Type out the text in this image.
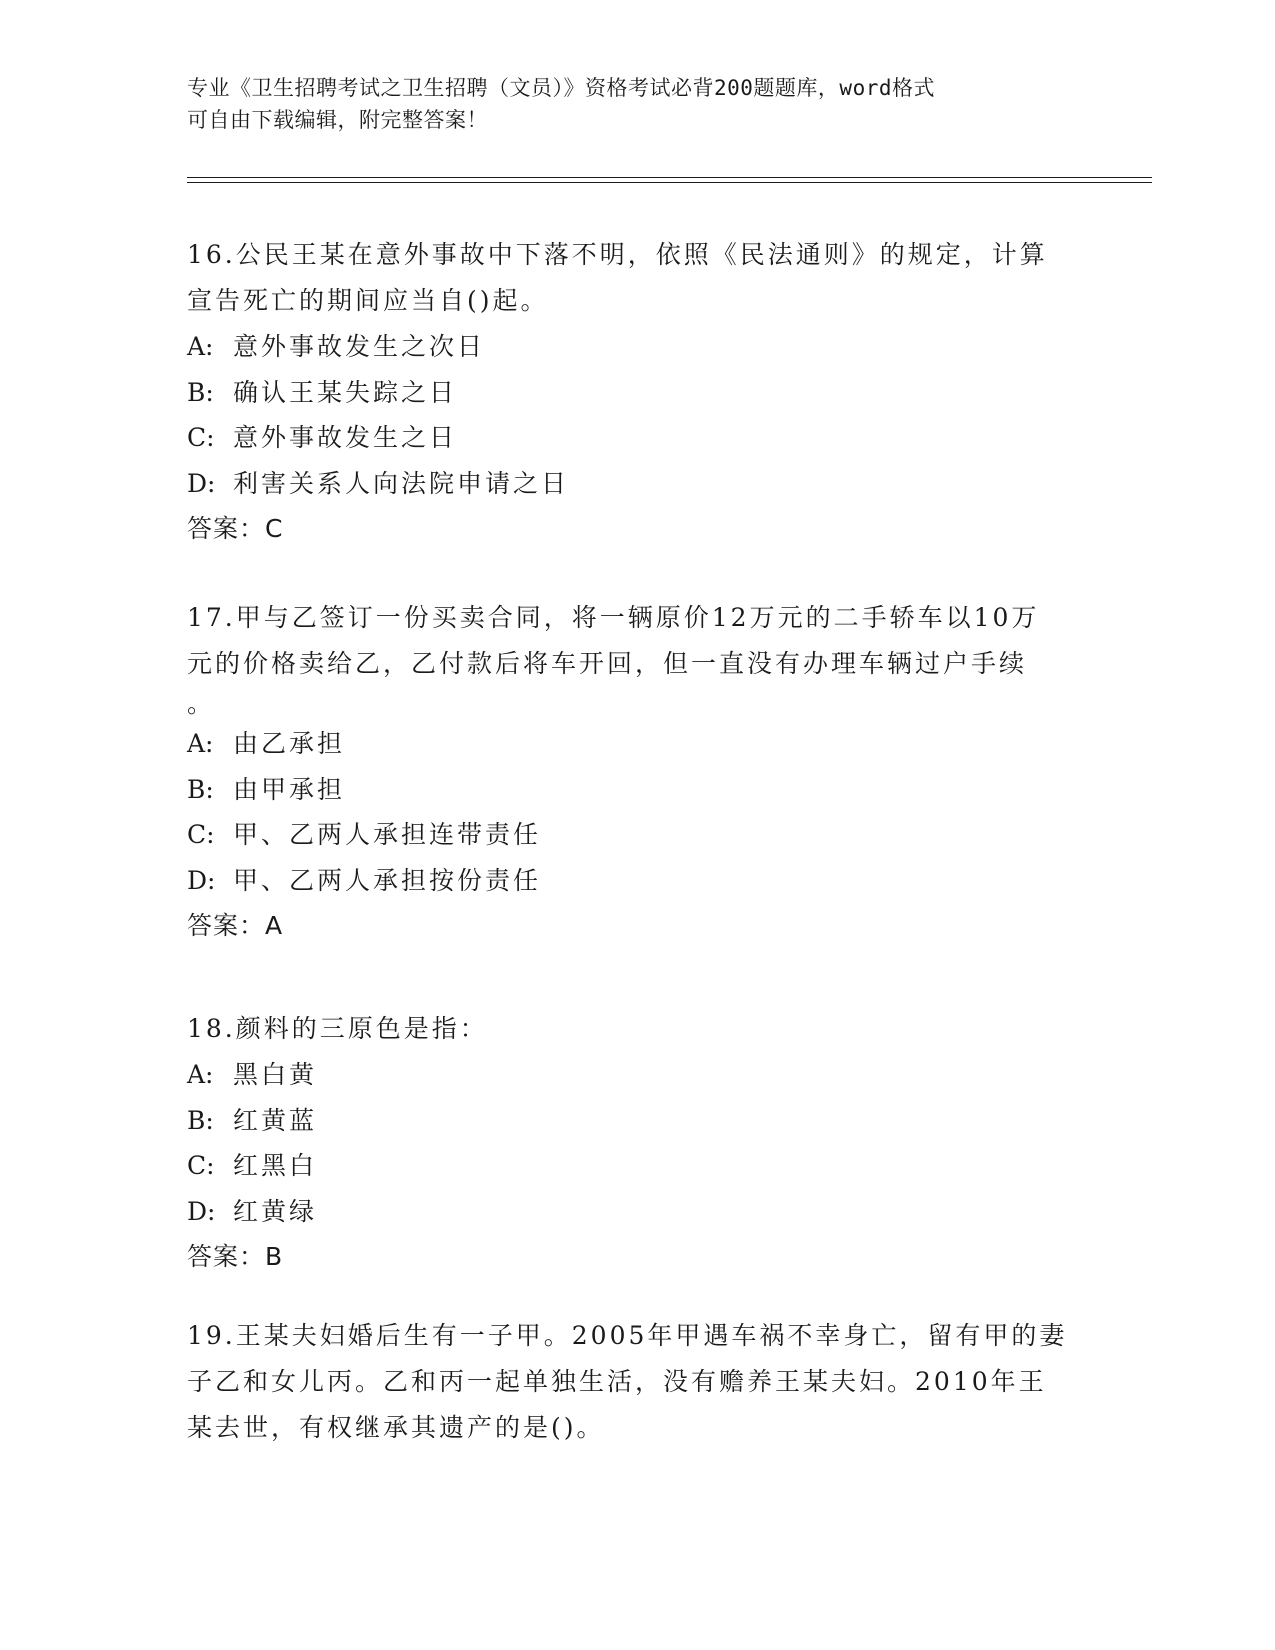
专业《卫生招聘考试之卫生招聘（文员）》资格考试必背200题题库，word格式
可自由下载编辑，附完整答案！
16.公民王某在意外事故中下落不明，依照《民法通则》的规定，计算
宣告死亡的期间应当自()起。
A: 意外事故发生之次日
B: 确认王某失踪之日
C: 意外事故发生之日
D: 利害关系人向法院申请之日
答案：C
17.甲与乙签订一份买卖合同，将一辆原价12万元的二手轿车以10万
元的价格卖给乙，乙付款后将车开回，但一直没有办理车辆过户手续
。
A: 由乙承担
B: 由甲承担
C: 甲、乙两人承担连带责任
D: 甲、乙两人承担按份责任
答案：A
18.颜料的三原色是指：
A: 黑白黄
B: 红黄蓝
C: 红黑白
D: 红黄绿
答案：B
19.王某夫妇婚后生有一子甲。2005年甲遇车祸不幸身亡，留有甲的妻
子乙和女儿丙。乙和丙一起单独生活，没有赡养王某夫妇。2010年王
某去世，有权继承其遗产的是()。
